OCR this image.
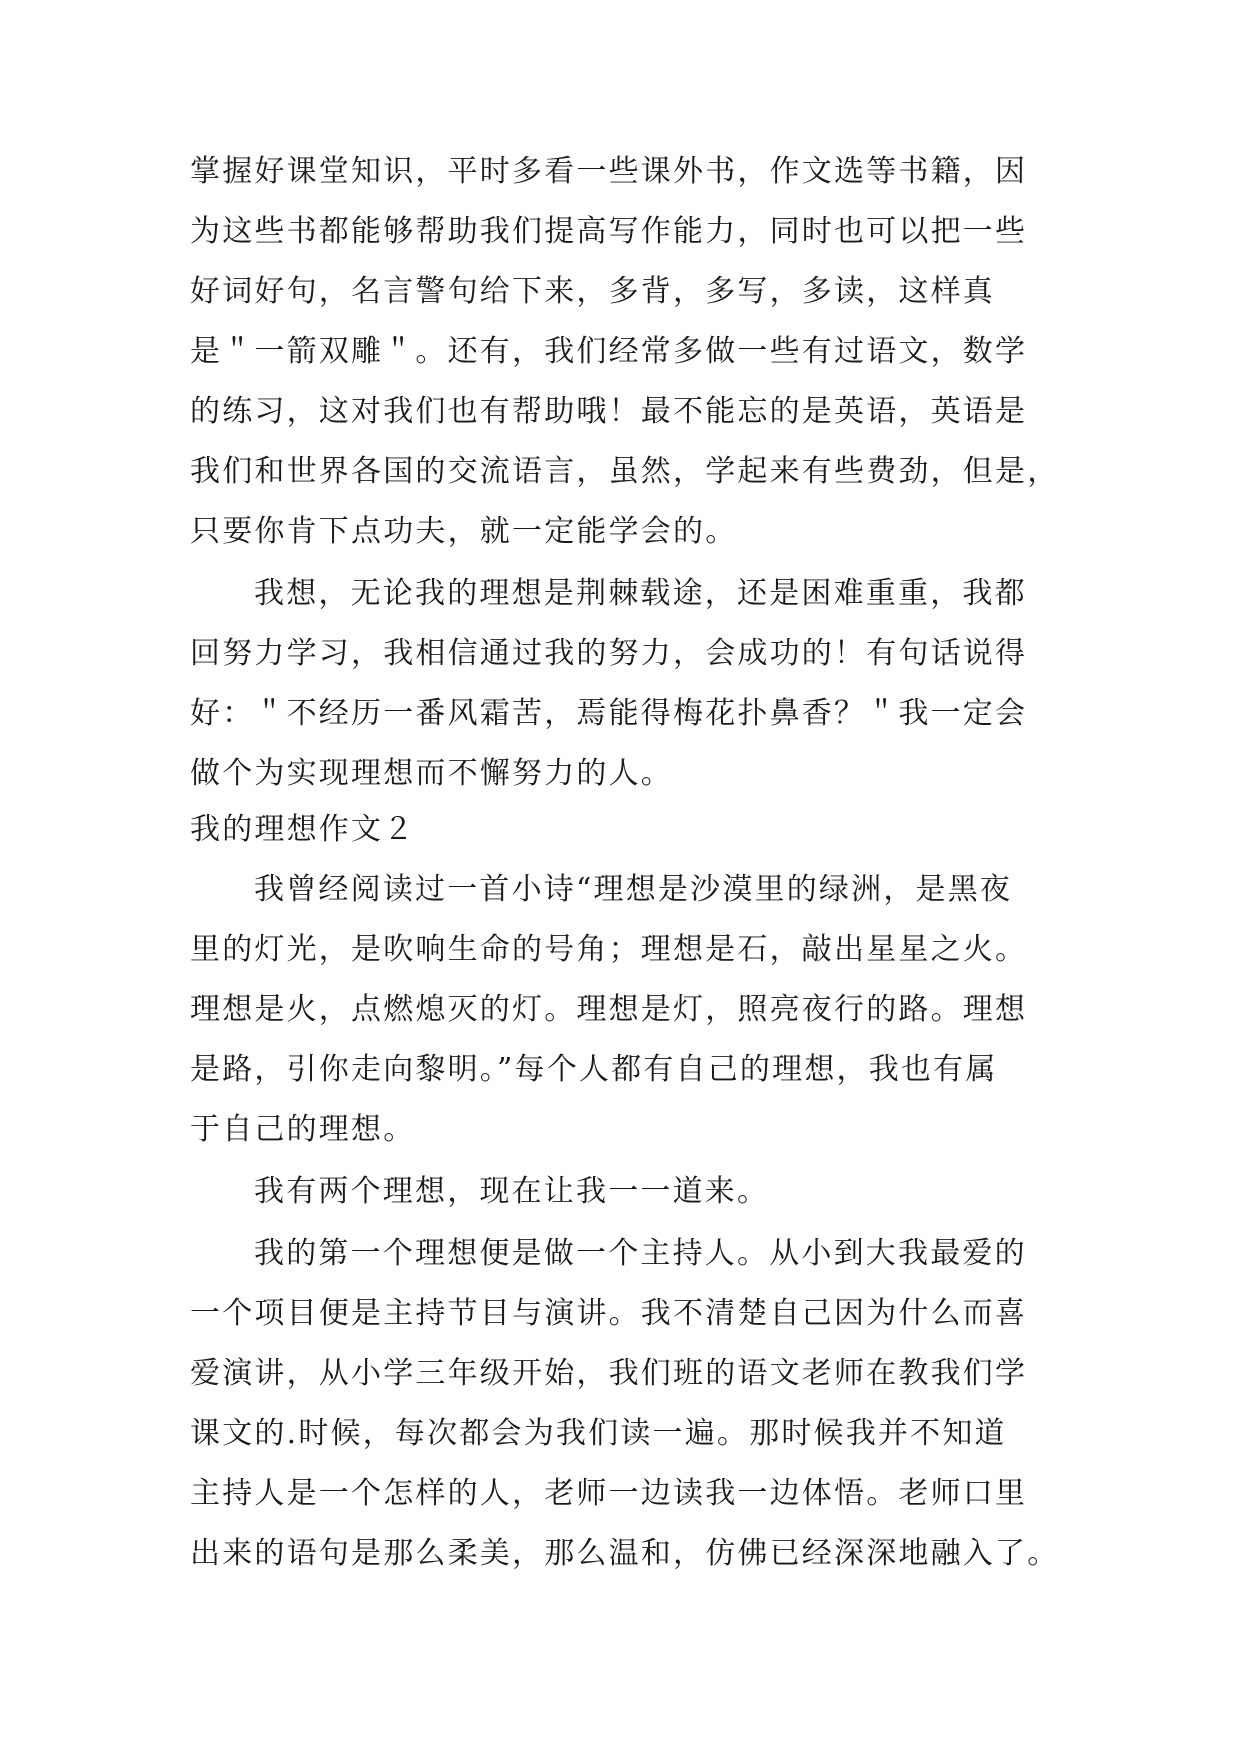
掌握好课堂知识，平时多看一些课外书，作文选等书籍，因
为这些书都能够帮助我们提高写作能力，同时也可以把一些
好词好句，名言警句给下来，多背，多写，多读，这样真
是＂一箭双雕＂。还有，我们经常多做一些有过语文，数学
的练习，这对我们也有帮助哦！最不能忘的是英语，英语是
我们和世界各国的交流语言，虽然，学起来有些费劲，但是，
只要你肯下点功夫，就一定能学会的。
我想，无论我的理想是荆棘载途，还是困难重重，我都
回努力学习，我相信通过我的努力，会成功的！有句话说得
好：＂不经历一番风霜苦，焉能得梅花扑鼻香？＂我一定会
做个为实现理想而不懈努力的人。
我的理想作文２
我曾经阅读过一首小诗“理想是沙漠里的绿洲，是黑夜
里的灯光，是吹响生命的号角；理想是石，敲出星星之火。
理想是火，点燃熄灭的灯。理想是灯，照亮夜行的路。理想
是路，引你走向黎明。”每个人都有自己的理想，我也有属
于自己的理想。
我有两个理想，现在让我一一道来。
我的第一个理想便是做一个主持人。从小到大我最爱的
一个项目便是主持节目与演讲。我不清楚自己因为什么而喜
爱演讲，从小学三年级开始，我们班的语文老师在教我们学
课文的.时候，每次都会为我们读一遍。那时候我并不知道
主持人是一个怎样的人，老师一边读我一边体悟。老师口里
出来的语句是那么柔美，那么温和，仿佛已经深深地融入了。
